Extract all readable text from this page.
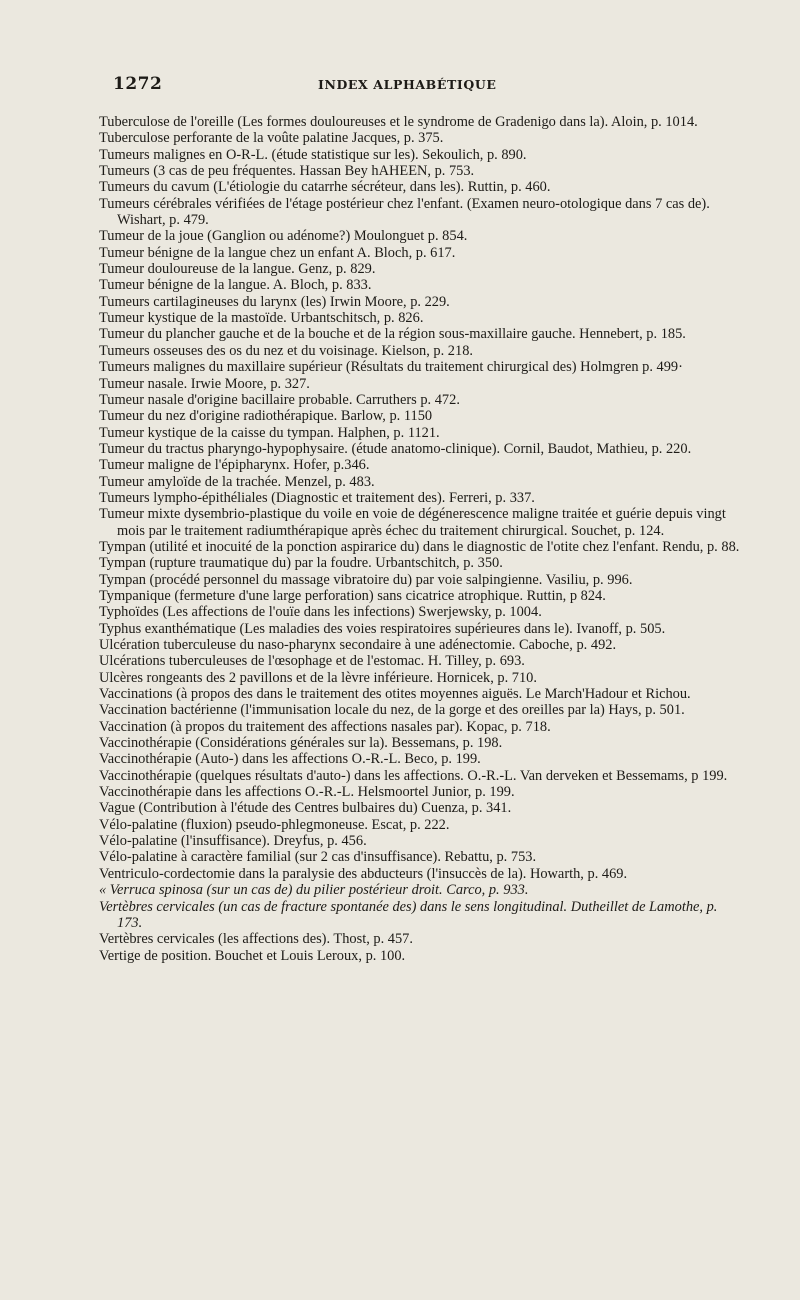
1272	INDEX ALPHABÉTIQUE
Tuberculose de l'oreille (Les formes douloureuses et le syndrome de Gradenigo dans la). Aloin, p. 1014.
Tuberculose perforante de la voûte palatine Jacques, p. 375.
Tumeurs malignes en O-R-L. (étude statistique sur les). Sekoulich, p. 890.
Tumeurs (3 cas de peu fréquentes. Hassan Bey hAHEEN, p. 753.
Tumeurs du cavum (L'étiologie du catarrhe sécréteur, dans les). Ruttin, p. 460.
Tumeurs cérébrales vérifiées de l'étage postérieur chez l'enfant. (Examen neuro-otologique dans 7 cas de). Wishart, p. 479.
Tumeur de la joue (Ganglion ou adénome?) Moulonguet p. 854.
Tumeur bénigne de la langue chez un enfant A. Bloch, p. 617.
Tumeur douloureuse de la langue. Genz, p. 829.
Tumeur bénigne de la langue. A. Bloch, p. 833.
Tumeurs cartilagineuses du larynx (les) Irwin Moore, p. 229.
Tumeur kystique de la mastoïde. Urbantschitsch, p. 826.
Tumeur du plancher gauche et de la bouche et de la région sous-maxillaire gauche. Hennebert, p. 185.
Tumeurs osseuses des os du nez et du voisinage. Kielson, p. 218.
Tumeurs malignes du maxillaire supérieur (Résultats du traitement chirurgical des) Holmgren p. 499·
Tumeur nasale. Irwie Moore, p. 327.
Tumeur nasale d'origine bacillaire probable. Carruthers p. 472.
Tumeur du nez d'origine radiothérapique. Barlow, p. 1150
Tumeur kystique de la caisse du tympan. Halphen, p. 1121.
Tumeur du tractus pharyngo-hypophysaire. (étude anatomo-clinique). Cornil, Baudot, Mathieu, p. 220.
Tumeur maligne de l'épipharynx. Hofer, p.346.
Tumeur amyloïde de la trachée. Menzel, p. 483.
Tumeurs lympho-épithéliales (Diagnostic et traitement des). Ferreri, p. 337.
Tumeur mixte dysembrio-plastique du voile en voie de dégénerescence maligne traitée et guérie depuis vingt mois par le traitement radiumthérapique après échec du traitement chirurgical. Souchet, p. 124.
Tympan (utilité et inocuité de la ponction aspirarice du) dans le diagnostic de l'otite chez l'enfant. Rendu, p. 88.
Tympan (rupture traumatique du) par la foudre. Urbantschitch, p. 350.
Tympan (procédé personnel du massage vibratoire du) par voie salpingienne. Vasiliu, p. 996.
Tympanique (fermeture d'une large perforation) sans cicatrice atrophique. Ruttin, p 824.
Typhoïdes (Les affections de l'ouïe dans les infections) Swerjewsky, p. 1004.
Typhus exanthématique (Les maladies des voies respiratoires supérieures dans le). Ivanoff, p. 505.
Ulcération tuberculeuse du naso-pharynx secondaire à une adénectomie. Caboche, p. 492.
Ulcérations tuberculeuses de l'œsophage et de l'estomac. H. Tilley, p. 693.
Ulcères rongeants des 2 pavillons et de la lèvre inférieure. Hornicek, p. 710.
Vaccinations (à propos des dans le traitement des otites moyennes aiguës. Le March'Hadour et Richou.
Vaccination bactérienne (l'immunisation locale du nez, de la gorge et des oreilles par la) Hays, p. 501.
Vaccination (à propos du traitement des affections nasales par). Kopac, p. 718.
Vaccinothérapie (Considérations générales sur la). Bessemans, p. 198.
Vaccinothérapie (Auto-) dans les affections O.-R.-L. Beco, p. 199.
Vaccinothérapie (quelques résultats d'auto-) dans les affections. O.-R.-L. Van derveken et Bessemams, p 199.
Vaccinothérapie dans les affections O.-R.-L. Helsmoortel Junior, p. 199.
Vague (Contribution à l'étude des Centres bulbaires du) Cuenza, p. 341.
Vélo-palatine (fluxion) pseudo-phlegmoneuse. Escat, p. 222.
Vélo-palatine (l'insuffisance). Dreyfus, p. 456.
Vélo-palatine à caractère familial (sur 2 cas d'insuffisance). Rebattu, p. 753.
Ventriculo-cordectomie dans la paralysie des abducteurs (l'insuccès de la). Howarth, p. 469.
« Verruca spinosa (sur un cas de) du pilier postérieur droit. Carco, p. 933.
Vertèbres cervicales (un cas de fracture spontanée des) dans le sens longitudinal. Dutheillet de Lamothe, p. 173.
Vertèbres cervicales (les affections des). Thost, p. 457.
Vertige de position. Bouchet et Louis Leroux, p. 100.
